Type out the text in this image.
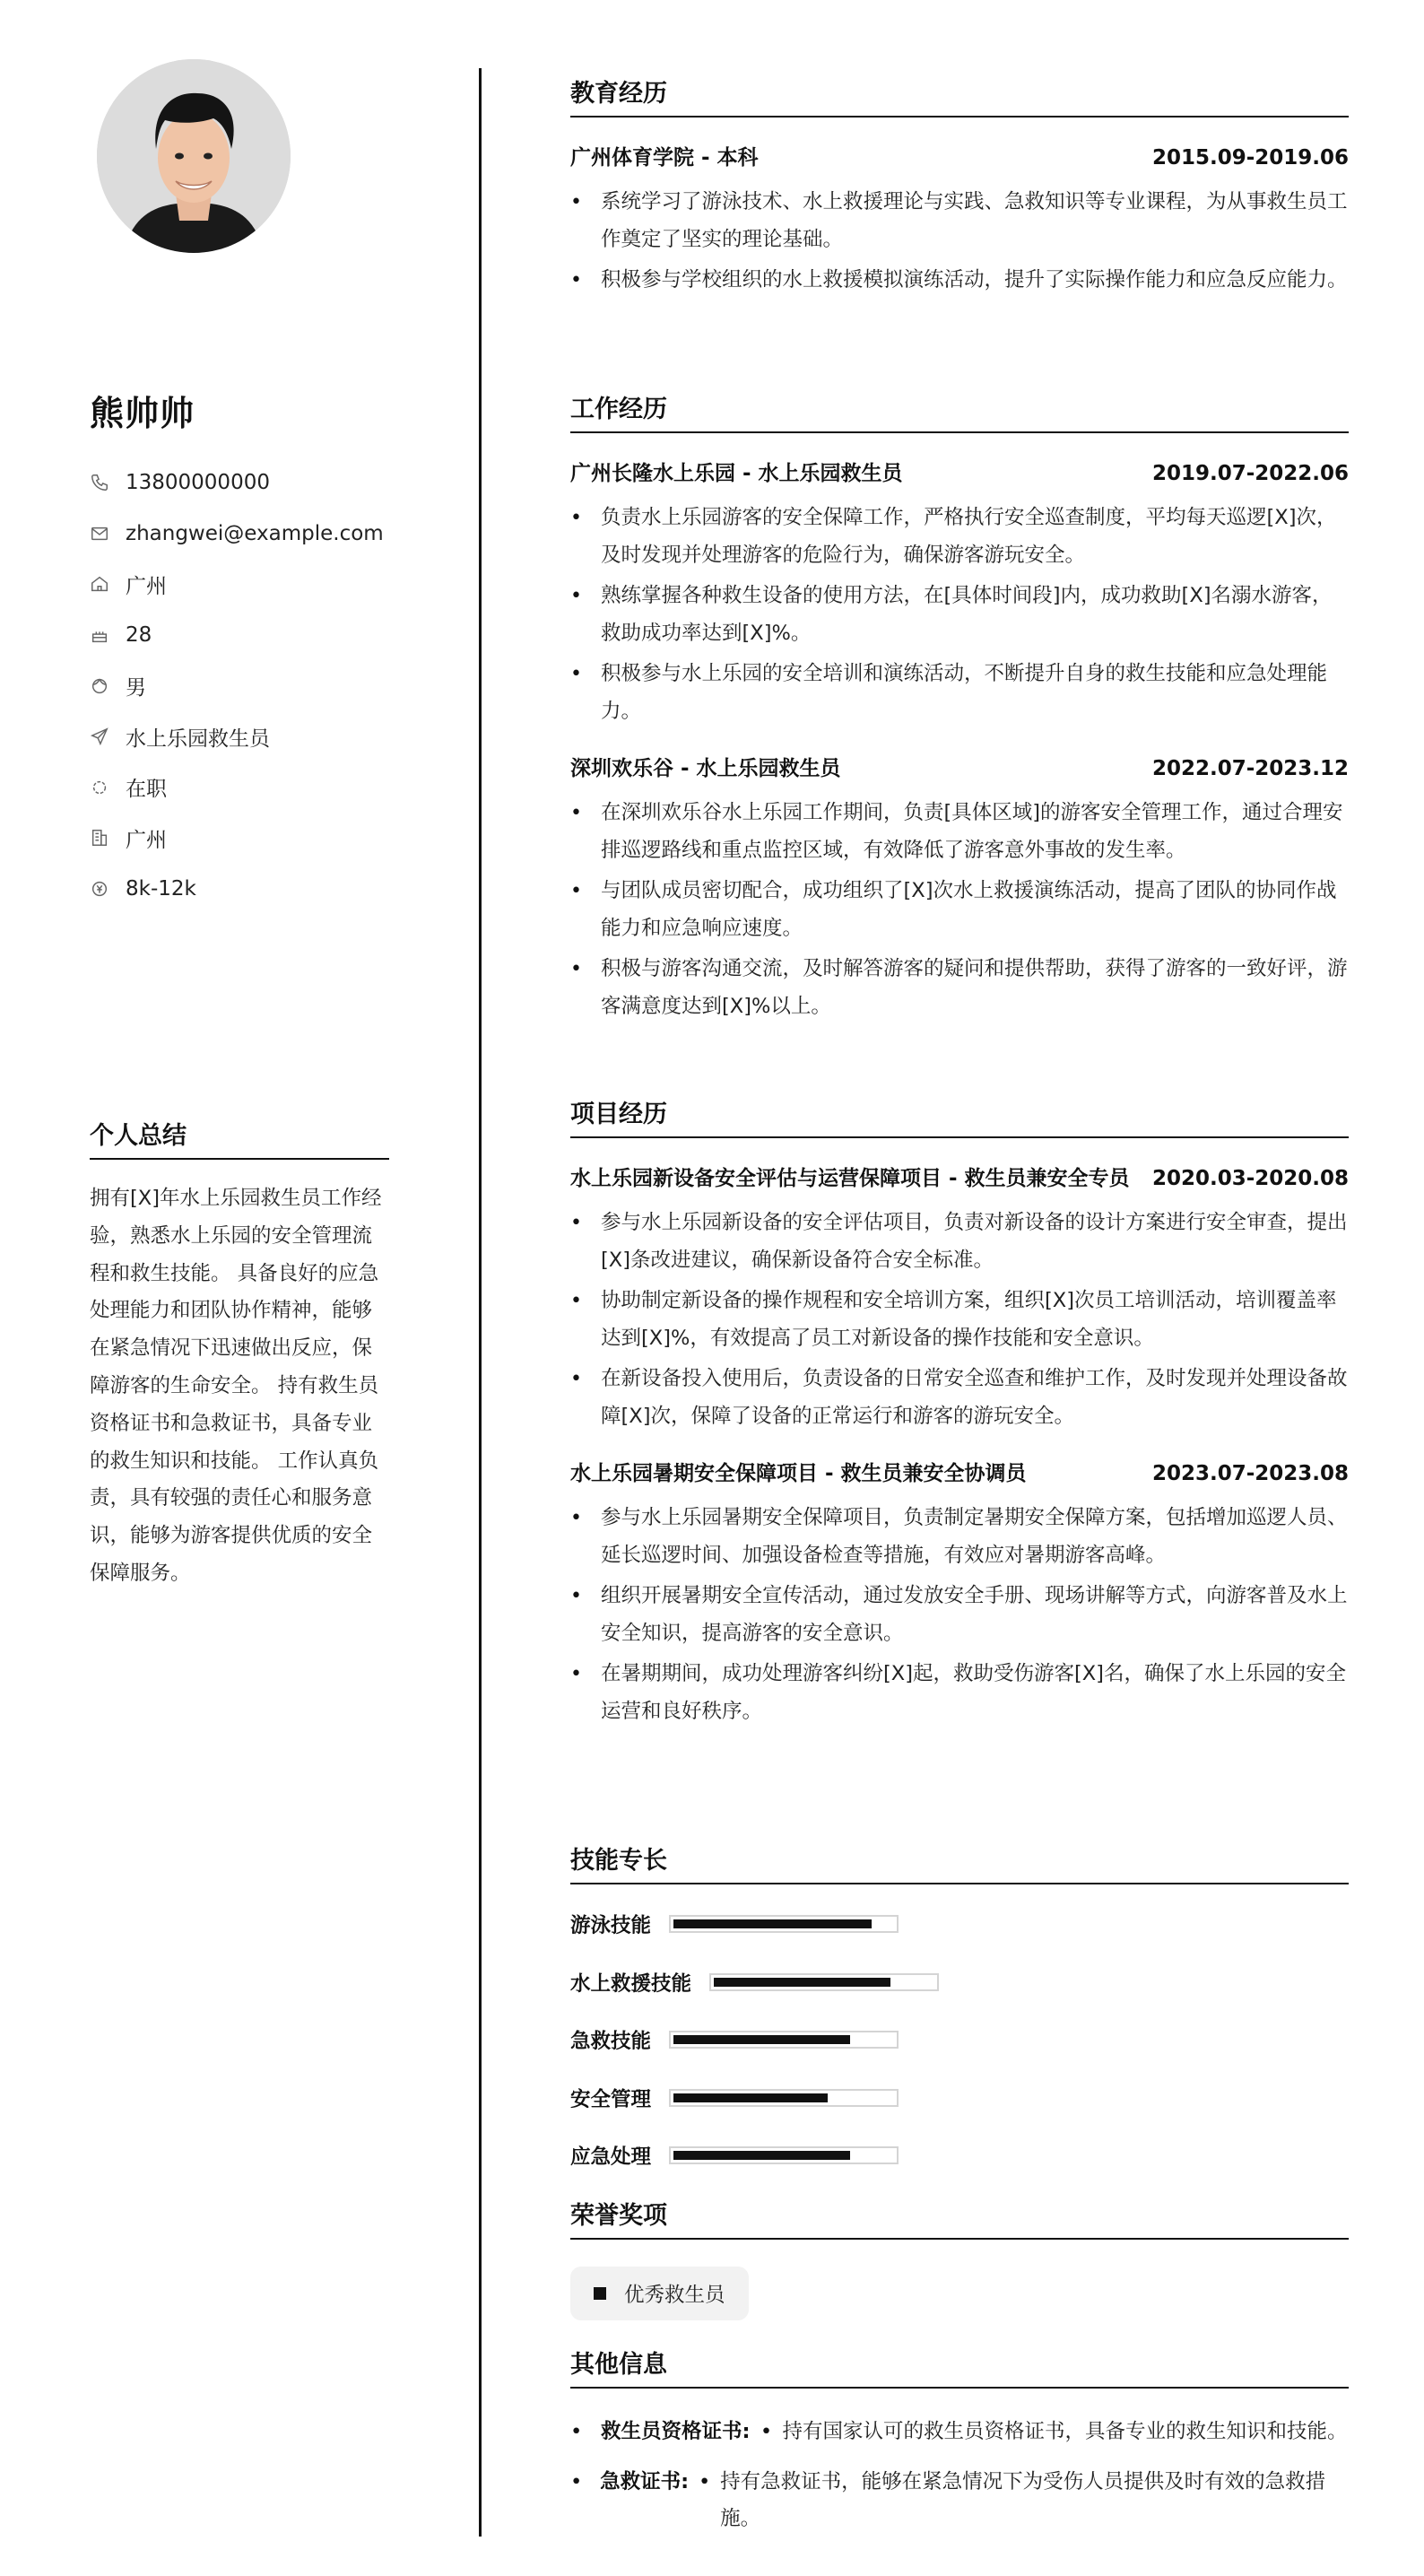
熊帅帅
13800000000
zhangwei@example.com
广州
28
男
水上乐园救生员
在职
广州
8k-12k
个人总结
拥有[X]年水上乐园救生员工作经验，熟悉水上乐园的安全管理流程和救生技能。 具备良好的应急处理能力和团队协作精神，能够在紧急情况下迅速做出反应，保障游客的生命安全。 持有救生员资格证书和急救证书，具备专业的救生知识和技能。 工作认真负责，具有较强的责任心和服务意识，能够为游客提供优质的安全保障服务。
教育经历
广州体育学院 - 本科	2015.09-2019.06
• 系统学习了游泳技术、水上救援理论与实践、急救知识等专业课程，为从事救生员工作奠定了坚实的理论基础。
• 积极参与学校组织的水上救援模拟演练活动，提升了实际操作能力和应急反应能力。
工作经历
广州长隆水上乐园 - 水上乐园救生员	2019.07-2022.06
• 负责水上乐园游客的安全保障工作，严格执行安全巡查制度，平均每天巡逻[X]次，及时发现并处理游客的危险行为，确保游客游玩安全。
• 熟练掌握各种救生设备的使用方法，在[具体时间段]内，成功救助[X]名溺水游客，救助成功率达到[X]%。
• 积极参与水上乐园的安全培训和演练活动，不断提升自身的救生技能和应急处理能力。
深圳欢乐谷 - 水上乐园救生员	2022.07-2023.12
• 在深圳欢乐谷水上乐园工作期间，负责[具体区域]的游客安全管理工作，通过合理安排巡逻路线和重点监控区域，有效降低了游客意外事故的发生率。
• 与团队成员密切配合，成功组织了[X]次水上救援演练活动，提高了团队的协同作战能力和应急响应速度。
• 积极与游客沟通交流，及时解答游客的疑问和提供帮助，获得了游客的一致好评，游客满意度达到[X]%以上。
项目经历
水上乐园新设备安全评估与运营保障项目 - 救生员兼安全专员 2020.03-2020.08
• 参与水上乐园新设备的安全评估项目，负责对新设备的设计方案进行安全审查，提出[X]条改进建议，确保新设备符合安全标准。
• 协助制定新设备的操作规程和安全培训方案，组织[X]次员工培训活动，培训覆盖率达到[X]%，有效提高了员工对新设备的操作技能和安全意识。
• 在新设备投入使用后，负责设备的日常安全巡查和维护工作，及时发现并处理设备故障[X]次，保障了设备的正常运行和游客的游玩安全。
水上乐园暑期安全保障项目 - 救生员兼安全协调员	2023.07-2023.08
• 参与水上乐园暑期安全保障项目，负责制定暑期安全保障方案，包括增加巡逻人员、延长巡逻时间、加强设备检查等措施，有效应对暑期游客高峰。
• 组织开展暑期安全宣传活动，通过发放安全手册、现场讲解等方式，向游客普及水上安全知识，提高游客的安全意识。
• 在暑期期间，成功处理游客纠纷[X]起，救助受伤游客[X]名，确保了水上乐园的安全运营和良好秩序。
技能专长
游泳技能
水上救援技能
急救技能
安全管理
应急处理
荣誉奖项
优秀救生员
其他信息
• 救生员资格证书: • 持有国家认可的救生员资格证书，具备专业的救生知识和技能。
• 急救证书: • 持有急救证书，能够在紧急情况下为受伤人员提供及时有效的急救措施。
